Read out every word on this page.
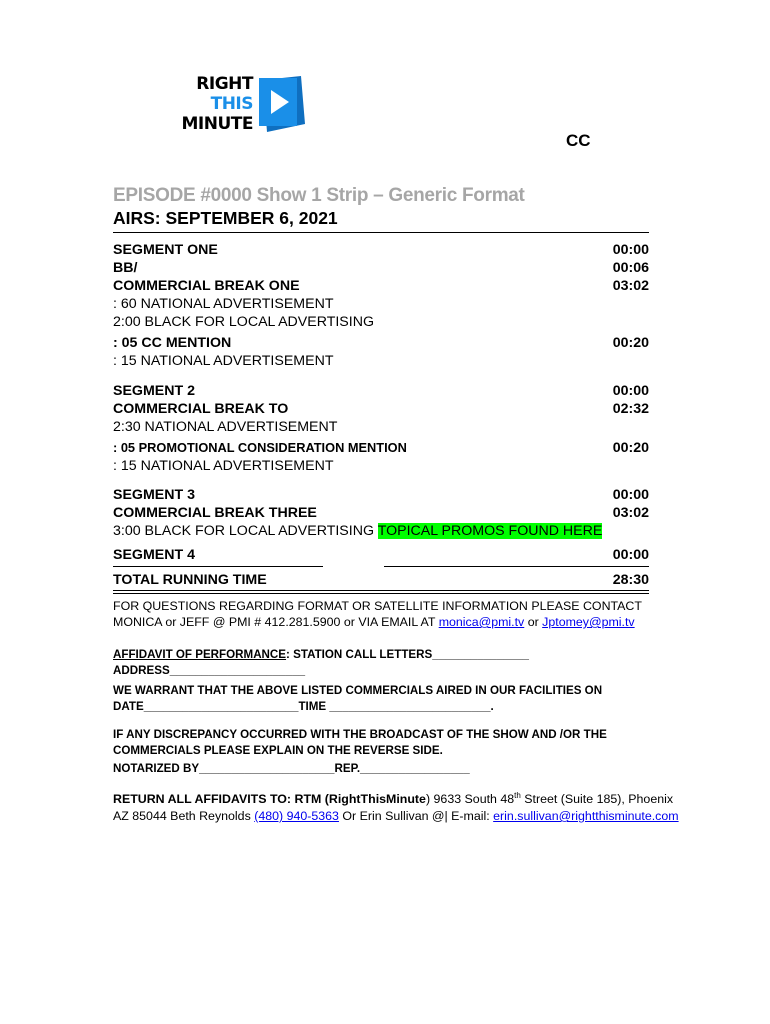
RIGHT
THIS
MINUTE
CC
EPISODE #0000 Show 1 Strip – Generic Format
AIRS: SEPTEMBER 6, 2021
SEGMENT ONE	00:00
BB/	00:06
COMMERCIAL BREAK ONE	03:02
: 60 NATIONAL ADVERTISEMENT
2:00 BLACK FOR LOCAL ADVERTISING
: 05 CC MENTION	00:20
: 15 NATIONAL ADVERTISEMENT
SEGMENT 2	00:00
COMMERCIAL BREAK TO	02:32
2:30 NATIONAL ADVERTISEMENT
: 05 PROMOTIONAL CONSIDERATION MENTION	00:20
: 15 NATIONAL ADVERTISEMENT
SEGMENT 3	00:00
COMMERCIAL BREAK THREE	03:02
3:00 BLACK FOR LOCAL ADVERTISING TOPICAL PROMOS FOUND HERE
SEGMENT 4	00:00
TOTAL RUNNING TIME	28:30
FOR QUESTIONS REGARDING FORMAT OR SATELLITE INFORMATION PLEASE CONTACT
MONICA or JEFF @ PMI # 412.281.5900 or VIA EMAIL AT monica@pmi.tv or Jptomey@pmi.tv
AFFIDAVIT OF PERFORMANCE: STATION CALL LETTERS_______________
ADDRESS_____________________
WE WARRANT THAT THE ABOVE LISTED COMMERCIALS AIRED IN OUR FACILITIES ON
DATE________________________TIME _________________________.
IF ANY DISCREPANCY OCCURRED WITH THE BROADCAST OF THE SHOW AND /OR THE
COMMERCIALS PLEASE EXPLAIN ON THE REVERSE SIDE.
NOTARIZED BY_____________________REP._________________
RETURN ALL AFFIDAVITS TO: RTM (RightThisMinute) 9633 South 48th Street (Suite 185), Phoenix
AZ 85044 Beth Reynolds (480) 940-5363 Or Erin Sullivan @| E-mail: erin.sullivan@rightthisminute.com
